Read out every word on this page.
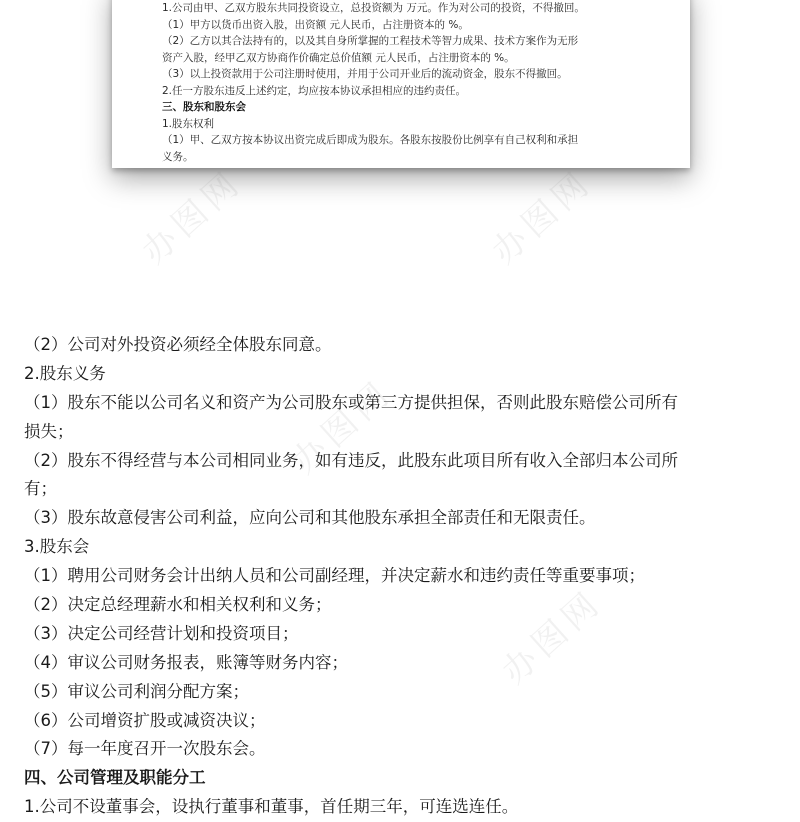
1.公司由甲、乙双方股东共同投资设立，总投资额为 万元。作为对公司的投资，不得撤回。
（1）甲方以货币出资入股，出资额 元人民币，占注册资本的 %。
（2）乙方以其合法持有的，以及其自身所掌握的工程技术等智力成果、技术方案作为无形
资产入股，经甲乙双方协商作价确定总价值额 元人民币，占注册资本的 %。
（3）以上投资款用于公司注册时使用，并用于公司开业后的流动资金，股东不得撤回。
2.任一方股东违反上述约定，均应按本协议承担相应的违约责任。
三、股东和股东会
1.股东权利
（1）甲、乙双方按本协议出资完成后即成为股东。各股东按股份比例享有自己权利和承担
义务。
（2）公司对外投资必须经全体股东同意。
2.股东义务
（1）股东不能以公司名义和资产为公司股东或第三方提供担保，否则此股东赔偿公司所有
损失；
（2）股东不得经营与本公司相同业务，如有违反，此股东此项目所有收入全部归本公司所
有；
（3）股东故意侵害公司利益，应向公司和其他股东承担全部责任和无限责任。
3.股东会
（1）聘用公司财务会计出纳人员和公司副经理，并决定薪水和违约责任等重要事项；
（2）决定总经理薪水和相关权利和义务；
（3）决定公司经营计划和投资项目；
（4）审议公司财务报表，账簿等财务内容；
（5）审议公司利润分配方案；
（6）公司增资扩股或减资决议；
（7）每一年度召开一次股东会。
四、公司管理及职能分工
1.公司不设董事会，设执行董事和董事，首任期三年，可连选连任。
办图网	办图网
办图网
办图网
